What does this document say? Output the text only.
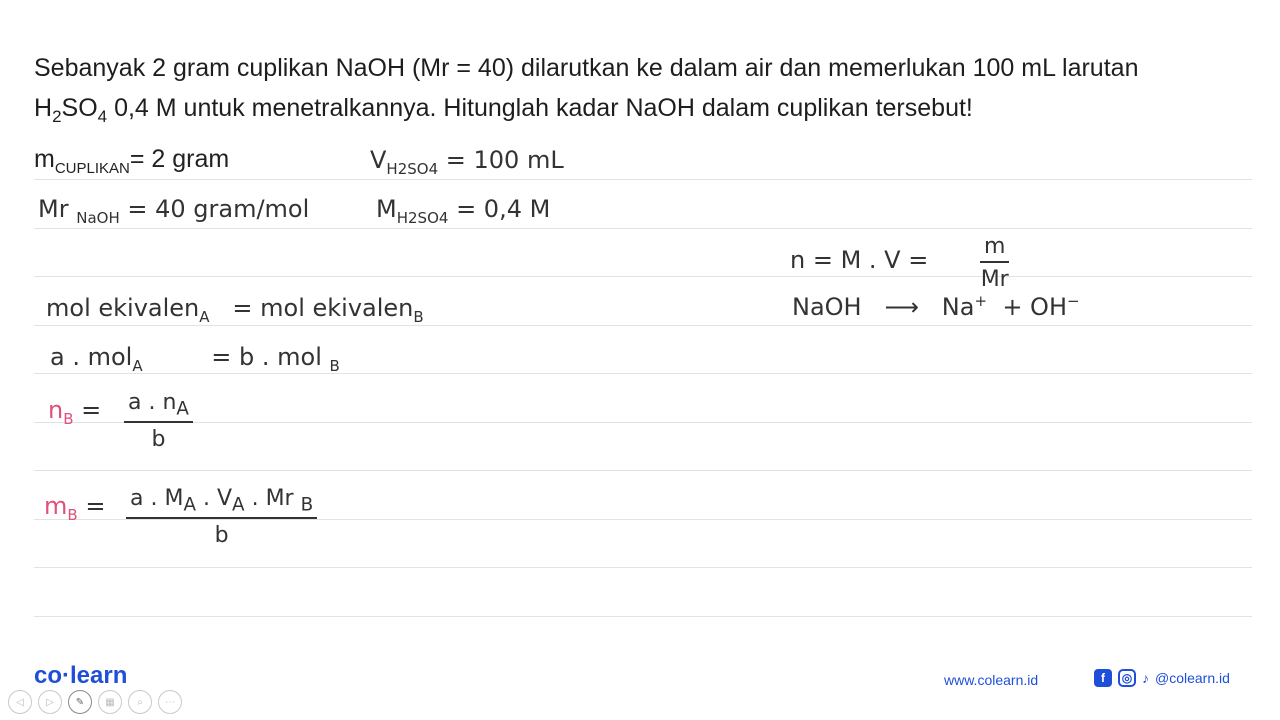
Sebanyak 2 gram cuplikan NaOH (Mr = 40) dilarutkan ke dalam air dan memerlukan 100 mL larutan
$H_2SO_4$ 0,4 M untuk menetralkannya. Hitunglah kadar NaOH dalam cuplikan tersebut!
$m_{CUPLIKAN}= 2$ gram	$V_{H2SO4} = 100$ mL
Mr $_{NaOH}$ = 40 gram/mol	$M_{H2SO4} = 0,4$ M
n = M . $V = \frac{m}{Mr}$
mol ekivalen$_A$ = mol ekivalen$_B$	NaOH ⟶ Na+ + OH−
a . mol$_A$	= b . mol $_B$
$n_B = \frac{a . n_A}{b}$
$m_B = \frac{a . M_A . V_A . Mr _B}{b}$
co·learn
◁	▷	✎	▦	⌕	⋯
www.colearn.id	f	◎ ♪ @colearn.id
